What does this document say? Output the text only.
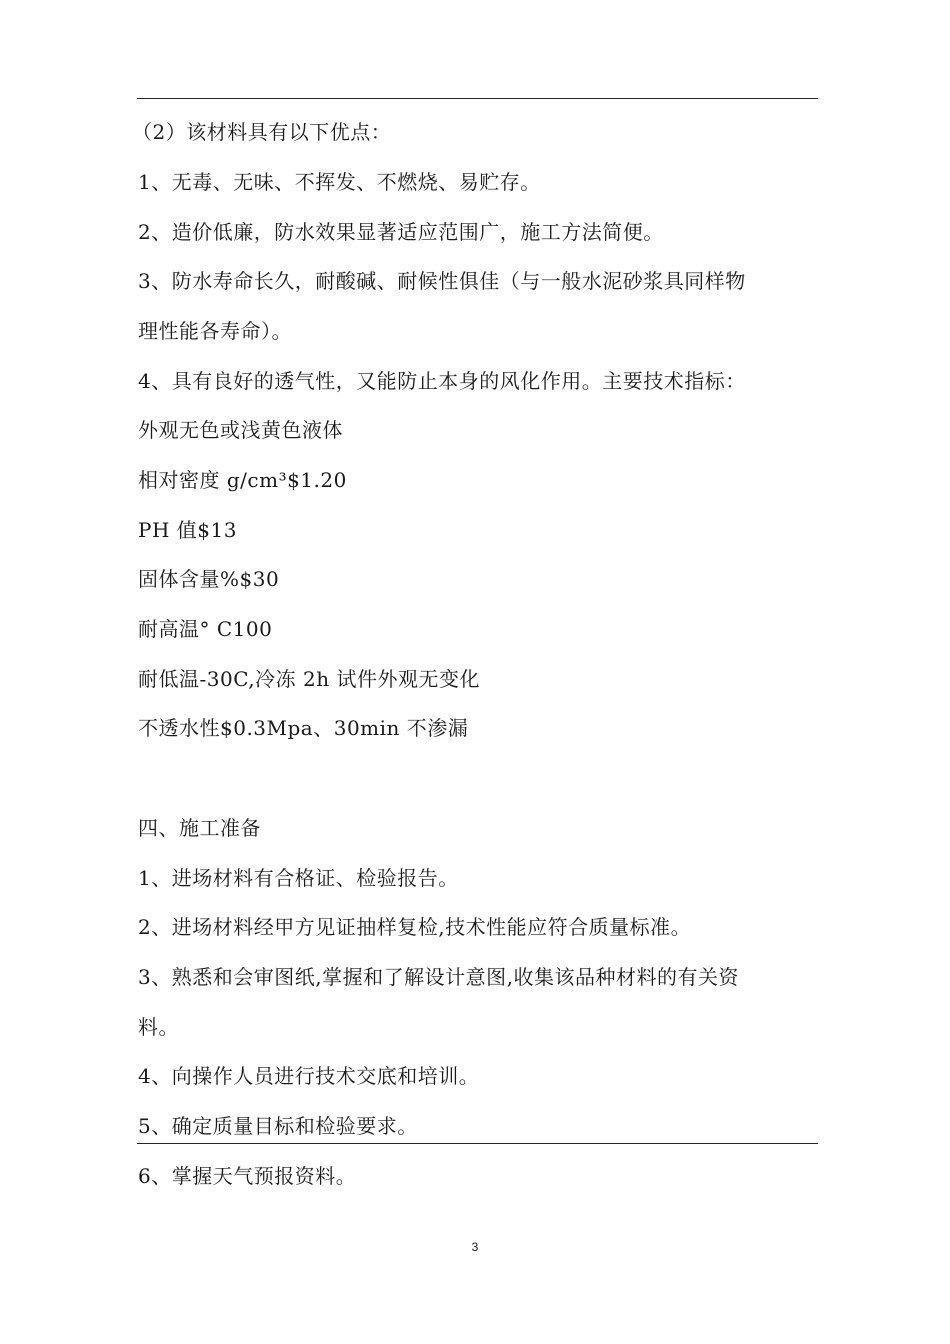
（2）该材料具有以下优点：
1、无毒、无味、不挥发、不燃烧、易贮存。
2、造价低廉，防水效果显著适应范围广，施工方法简便。
3、防水寿命长久，耐酸碱、耐候性俱佳（与一般水泥砂浆具同样物
理性能各寿命）。
4、具有良好的透气性，又能防止本身的风化作用。主要技术指标：
外观无色或浅黄色液体
相对密度 g/cm³$1.20
PH 值$13
固体含量%$30
耐高温° C100
耐低温-30C,冷冻 2h 试件外观无变化
不透水性$0.3Mpa、30min 不渗漏
四、施工准备
1、进场材料有合格证、检验报告。
2、进场材料经甲方见证抽样复检,技术性能应符合质量标准。
3、熟悉和会审图纸,掌握和了解设计意图,收集该品种材料的有关资
料。
4、向操作人员进行技术交底和培训。
5、确定质量目标和检验要求。
6、掌握天气预报资料。
3
